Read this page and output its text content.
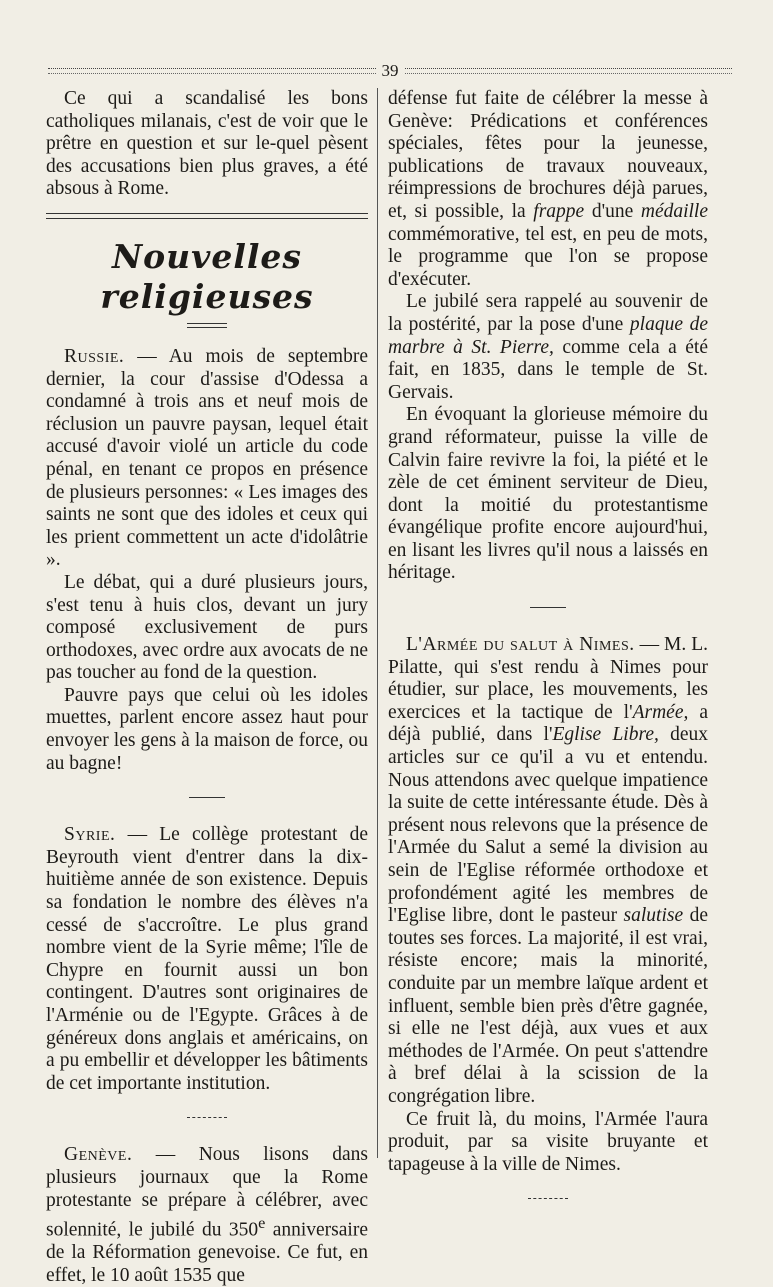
39

Ce qui a scandalisé les bons catholiques milanais, c'est de voir que le prêtre en question et sur le-quel pèsent des accusations bien plus graves, a été absous à Rome.

Nouvelles religieuses

Russie. — Au mois de septembre dernier, la cour d'assise d'Odessa a condamné à trois ans et neuf mois de réclusion un pauvre paysan, lequel était accusé d'avoir violé un article du code pénal, en tenant ce propos en présence de plusieurs personnes: « Les images des saints ne sont que des idoles et ceux qui les prient commettent un acte d'idolâtrie ».

Le débat, qui a duré plusieurs jours, s'est tenu à huis clos, devant un jury composé exclusivement de purs orthodoxes, avec ordre aux avocats de ne pas toucher au fond de la question.

Pauvre pays que celui où les idoles muettes, parlent encore assez haut pour envoyer les gens à la maison de force, ou au bagne!

Syrie. — Le collège protestant de Beyrouth vient d'entrer dans la dix-huitième année de son existence. Depuis sa fondation le nombre des élèves n'a cessé de s'accroître. Le plus grand nombre vient de la Syrie même; l'île de Chypre en fournit aussi un bon contingent. D'autres sont originaires de l'Arménie ou de l'Egypte. Grâces à de généreux dons anglais et américains, on a pu embellir et développer les bâtiments de cet importante institution.

Genève. — Nous lisons dans plusieurs journaux que la Rome protestante se prépare à célébrer, avec solennité, le jubilé du 350e anniversaire de la Réformation genevoise. Ce fut, en effet, le 10 août 1535 que

défense fut faite de célébrer la messe à Genève: Prédications et conférences spéciales, fêtes pour la jeunesse, publications de travaux nouveaux, réimpressions de brochures déjà parues, et, si possible, la frappe d'une médaille commémorative, tel est, en peu de mots, le programme que l'on se propose d'exécuter.

Le jubilé sera rappelé au souvenir de la postérité, par la pose d'une plaque de marbre à St. Pierre, comme cela a été fait, en 1835, dans le temple de St. Gervais.

En évoquant la glorieuse mémoire du grand réformateur, puisse la ville de Calvin faire revivre la foi, la piété et le zèle de cet éminent serviteur de Dieu, dont la moitié du protestantisme évangélique profite encore aujourd'hui, en lisant les livres qu'il nous a laissés en héritage.

L'Armée du salut à Nimes. — M. L. Pilatte, qui s'est rendu à Nimes pour étudier, sur place, les mouvements, les exercices et la tactique de l'Armée, a déjà publié, dans l'Eglise Libre, deux articles sur ce qu'il a vu et entendu. Nous attendons avec quelque impatience la suite de cette intéressante étude. Dès à présent nous relevons que la présence de l'Armée du Salut a semé la division au sein de l'Eglise réformée orthodoxe et profondément agité les membres de l'Eglise libre, dont le pasteur salutise de toutes ses forces. La majorité, il est vrai, résiste encore; mais la minorité, conduite par un membre laïque ardent et influent, semble bien près d'être gagnée, si elle ne l'est déjà, aux vues et aux méthodes de l'Armée. On peut s'attendre à bref délai à la scission de la congrégation libre.

Ce fruit là, du moins, l'Armée l'aura produit, par sa visite bruyante et tapageuse à la ville de Nimes.
